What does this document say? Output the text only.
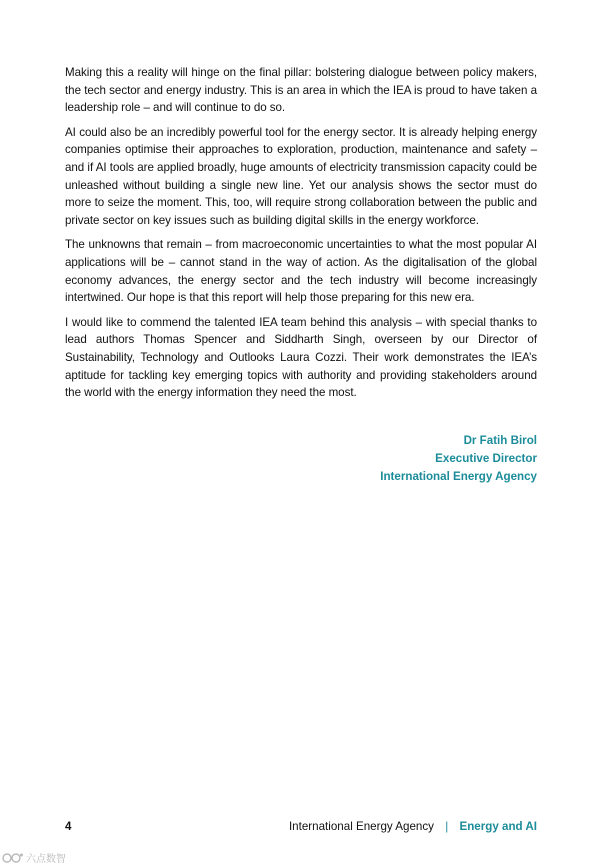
Making this a reality will hinge on the final pillar: bolstering dialogue between policy makers, the tech sector and energy industry. This is an area in which the IEA is proud to have taken a leadership role – and will continue to do so.

AI could also be an incredibly powerful tool for the energy sector. It is already helping energy companies optimise their approaches to exploration, production, maintenance and safety – and if AI tools are applied broadly, huge amounts of electricity transmission capacity could be unleashed without building a single new line. Yet our analysis shows the sector must do more to seize the moment. This, too, will require strong collaboration between the public and private sector on key issues such as building digital skills in the energy workforce.

The unknowns that remain – from macroeconomic uncertainties to what the most popular AI applications will be – cannot stand in the way of action. As the digitalisation of the global economy advances, the energy sector and the tech industry will become increasingly intertwined. Our hope is that this report will help those preparing for this new era.

I would like to commend the talented IEA team behind this analysis – with special thanks to lead authors Thomas Spencer and Siddharth Singh, overseen by our Director of Sustainability, Technology and Outlooks Laura Cozzi. Their work demonstrates the IEA’s aptitude for tackling key emerging topics with authority and providing stakeholders around the world with the energy information they need the most.

Dr Fatih Birol
Executive Director
International Energy Agency
4	International Energy Agency | Energy and AI
六点数智
